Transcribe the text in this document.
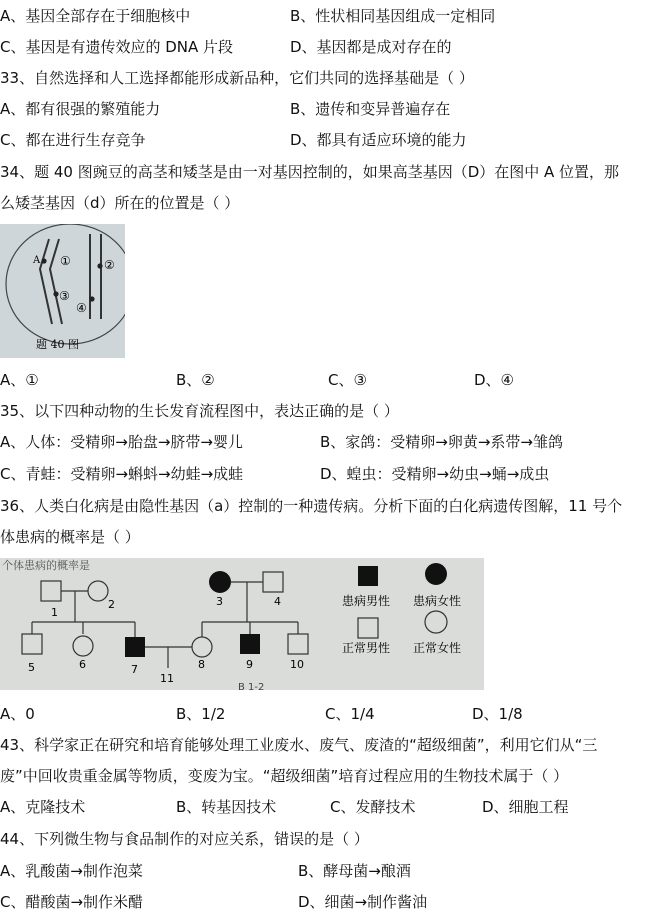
A、基因全部存在于细胞核中	B、性状相同基因组成一定相同
C、基因是有遗传效应的 DNA 片段	D、基因都是成对存在的
33、自然选择和人工选择都能形成新品种，它们共同的选择基础是（ ）
A、都有很强的繁殖能力	B、遗传和变异普遍存在
C、都在进行生存竞争	D、都具有适应环境的能力
34、题 40 图豌豆的高茎和矮茎是由一对基因控制的，如果高茎基因（D）在图中 A 位置，那
么矮茎基因（d）所在的位置是（ ）
A ①	②
③
④
题 40 图
A、①	B、②	C、③	D、④
35、以下四种动物的生长发育流程图中，表达正确的是（ ）
A、人体：受精卵→胎盘→脐带→婴儿	B、家鸽：受精卵→卵黄→系带→雏鸽
C、青蛙：受精卵→蝌蚪→幼蛙→成蛙	D、蝗虫：受精卵→幼虫→蛹→成虫
36、人类白化病是由隐性基因（a）控制的一种遗传病。分析下面的白化病遗传图解，11 号个
体患病的概率是（ ）
个体患病的概率是
1
2	3	4
5	6	7	8	9	10
11
患病男性 患病女性
正常男性 正常女性
B 1-2
A、0	B、1/2	C、1/4	D、1/8
43、科学家正在研究和培育能够处理工业废水、废气、废渣的“超级细菌”，利用它们从“三
废”中回收贵重金属等物质，变废为宝。“超级细菌”培育过程应用的生物技术属于（ ）
A、克隆技术	B、转基因技术	C、发酵技术	D、细胞工程
44、下列微生物与食品制作的对应关系，错误的是（ ）
A、乳酸菌→制作泡菜	B、酵母菌→酿酒
C、醋酸菌→制作米醋	D、细菌→制作酱油
